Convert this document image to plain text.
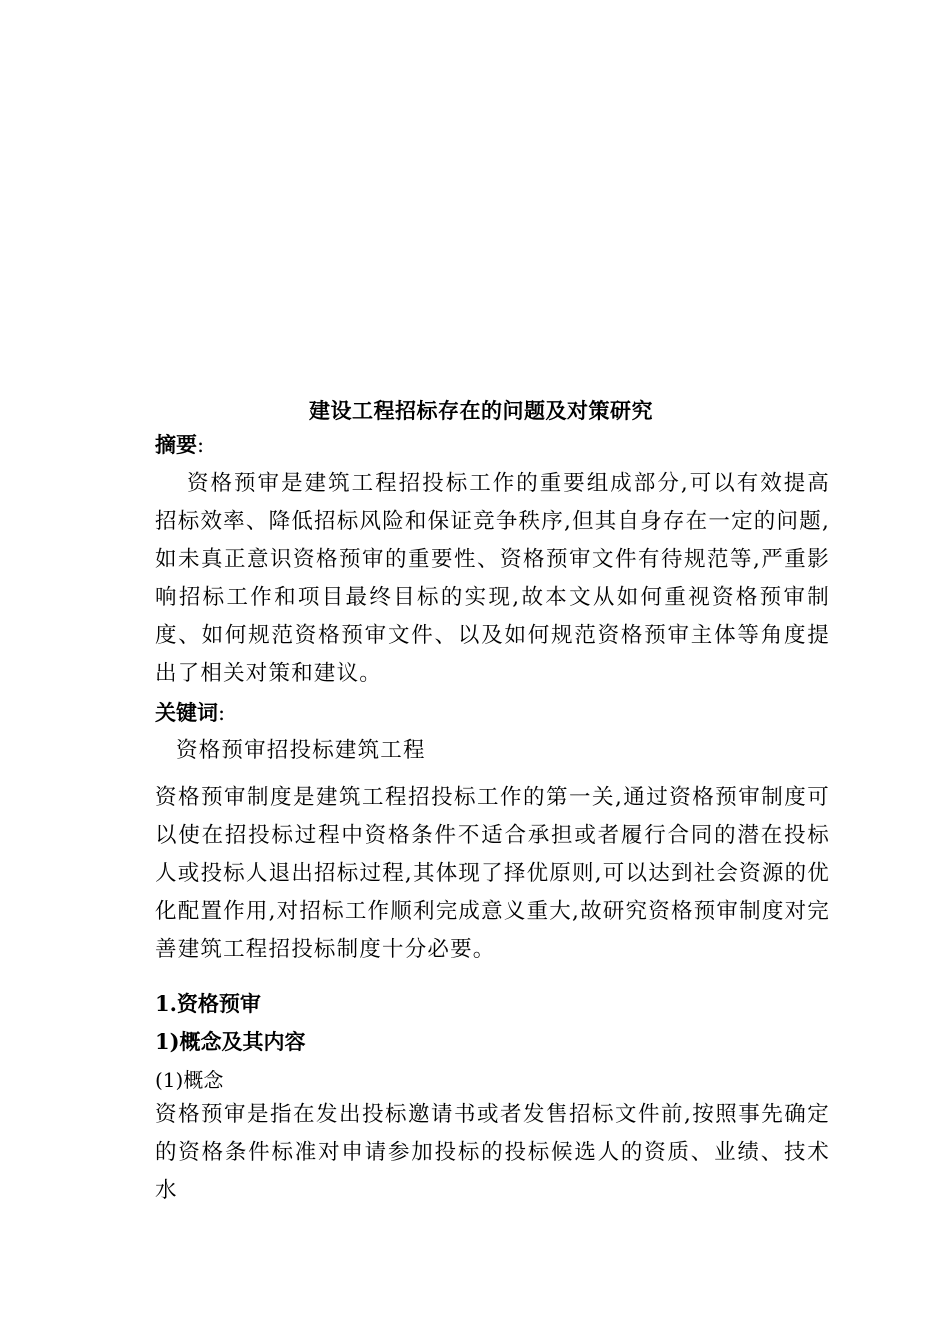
建设工程招标存在的问题及对策研究
摘要:
资格预审是建筑工程招投标工作的重要组成部分,可以有效提高招标效率、降低招标风险和保证竞争秩序,但其自身存在一定的问题,如未真正意识资格预审的重要性、资格预审文件有待规范等,严重影响招标工作和项目最终目标的实现,故本文从如何重视资格预审制度、如何规范资格预审文件、以及如何规范资格预审主体等角度提出了相关对策和建议。
关键词:
资格预审招投标建筑工程
资格预审制度是建筑工程招投标工作的第一关,通过资格预审制度可以使在招投标过程中资格条件不适合承担或者履行合同的潜在投标人或投标人退出招标过程,其体现了择优原则,可以达到社会资源的优化配置作用,对招标工作顺利完成意义重大,故研究资格预审制度对完善建筑工程招投标制度十分必要。
1.资格预审
1)概念及其内容
(1)概念
资格预审是指在发出投标邀请书或者发售招标文件前,按照事先确定的资格条件标准对申请参加投标的投标候选人的资质、业绩、技术水
